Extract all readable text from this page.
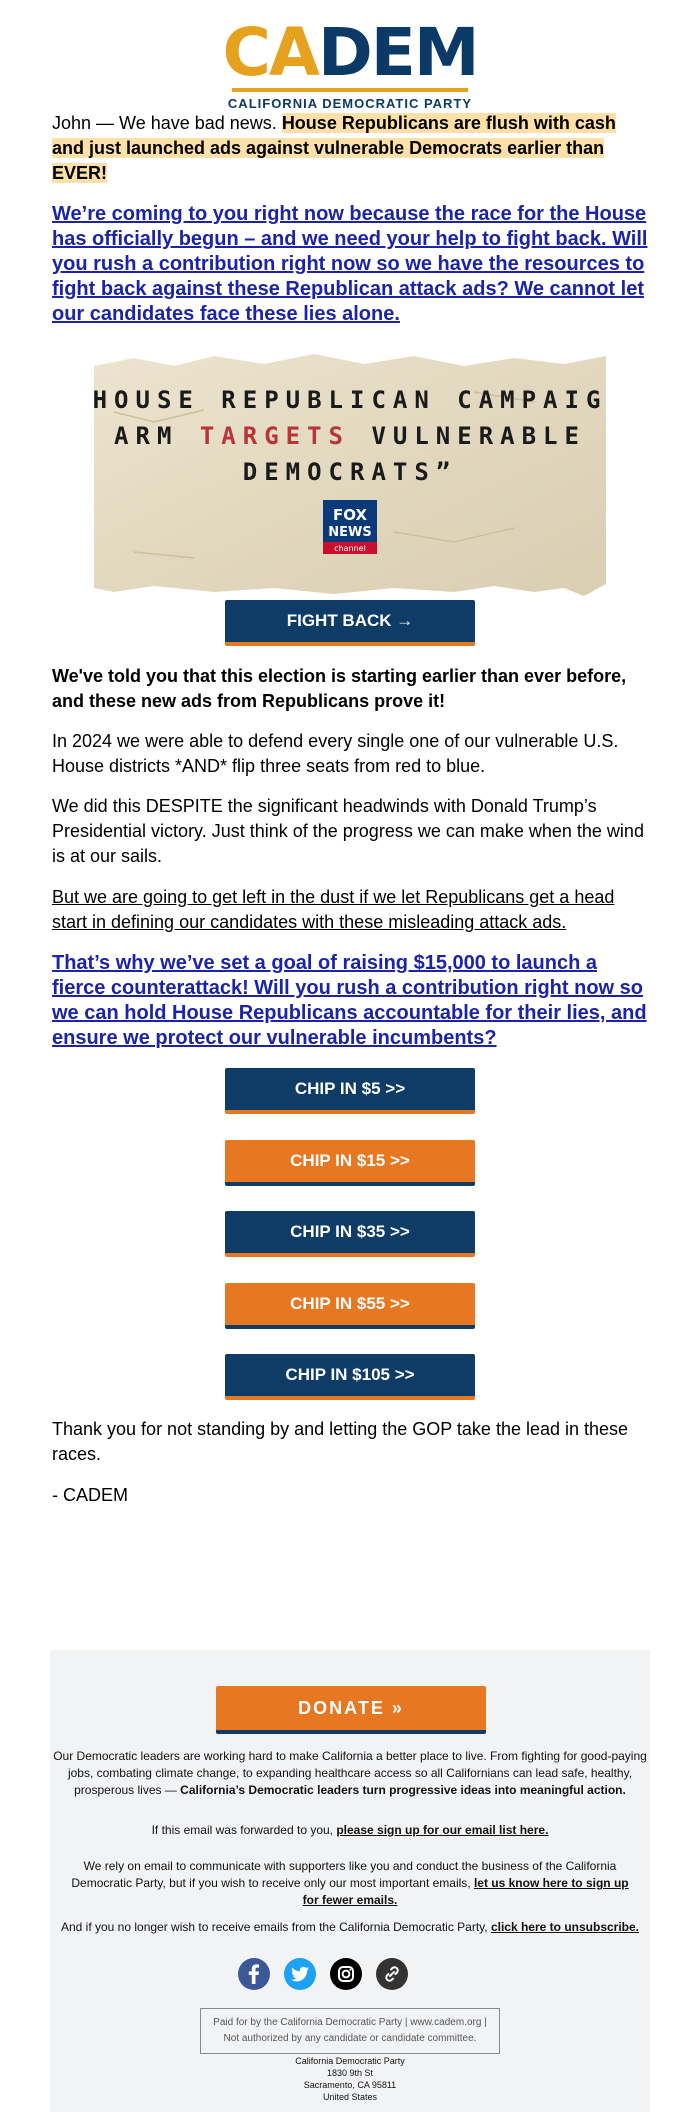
CADEM
CALIFORNIA DEMOCRATIC PARTY

John — We have bad news. House Republicans are flush with cash and just launched ads against vulnerable Democrats earlier than EVER!

We’re coming to you right now because the race for the House has officially begun – and we need your help to fight back. Will you rush a contribution right now so we have the resources to fight back against these Republican attack ads? We cannot let our candidates face these lies alone.

“HOUSE REPUBLICAN CAMPAIGN
ARM TARGETS VULNERABLE
DEMOCRATS”
FOX
NEWS
channel
FIGHT BACK →

We've told you that this election is starting earlier than ever before, and these new ads from Republicans prove it!

In 2024 we were able to defend every single one of our vulnerable U.S. House districts *AND* flip three seats from red to blue.

We did this DESPITE the significant headwinds with Donald Trump’s Presidential victory. Just think of the progress we can make when the wind is at our sails.

But we are going to get left in the dust if we let Republicans get a head start in defining our candidates with these misleading attack ads.

That’s why we’ve set a goal of raising $15,000 to launch a fierce counterattack! Will you rush a contribution right now so we can hold House Republicans accountable for their lies, and ensure we protect our vulnerable incumbents?

CHIP IN $5 >>
CHIP IN $15 >>
CHIP IN $35 >>
CHIP IN $55 >>
CHIP IN $105 >>

Thank you for not standing by and letting the GOP take the lead in these races.

- CADEM

DONATE »
Our Democratic leaders are working hard to make California a better place to live. From fighting for good-paying jobs, combating climate change, to expanding healthcare access so all Californians can lead safe, healthy, prosperous lives — California’s Democratic leaders turn progressive ideas into meaningful action.
If this email was forwarded to you, please sign up for our email list here.
We rely on email to communicate with supporters like you and conduct the business of the California Democratic Party, but if you wish to receive only our most important emails, let us know here to sign up for fewer emails.
And if you no longer wish to receive emails from the California Democratic Party, click here to unsubscribe.
Paid for by the California Democratic Party | www.cadem.org |
Not authorized by any candidate or candidate committee.
California Democratic Party
1830 9th St
Sacramento, CA 95811
United States
